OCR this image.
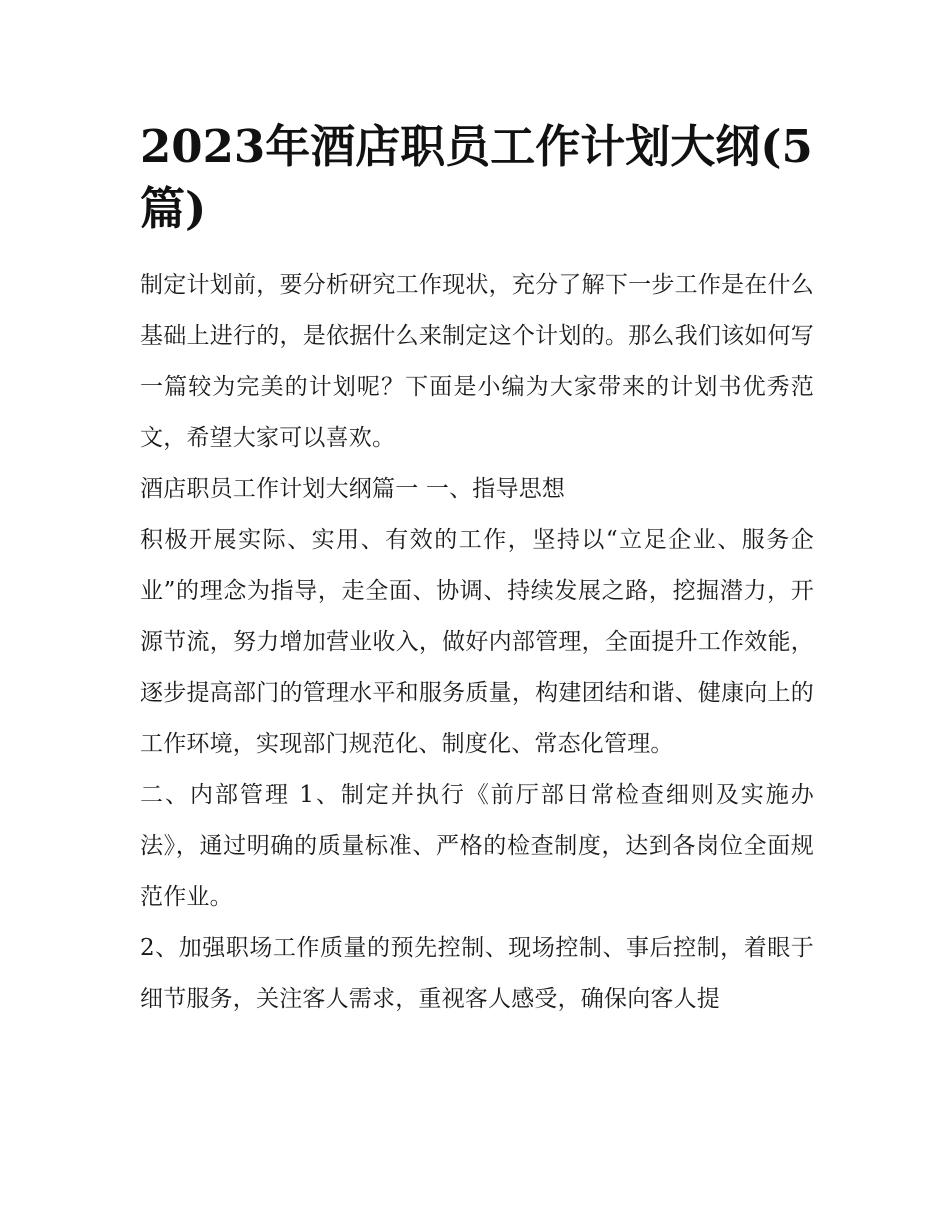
2023年酒店职员工作计划大纲(5篇)

制定计划前，要分析研究工作现状，充分了解下一步工作是在什么基础上进行的，是依据什么来制定这个计划的。那么我们该如何写一篇较为完美的计划呢？下面是小编为大家带来的计划书优秀范文，希望大家可以喜欢。

酒店职员工作计划大纲篇一 一、指导思想

积极开展实际、实用、有效的工作，坚持以“立足企业、服务企业”的理念为指导，走全面、协调、持续发展之路，挖掘潜力，开源节流，努力增加营业收入，做好内部管理，全面提升工作效能，逐步提高部门的管理水平和服务质量，构建团结和谐、健康向上的工作环境，实现部门规范化、制度化、常态化管理。

二、内部管理 1、制定并执行《前厅部日常检查细则及实施办法》，通过明确的质量标准、严格的检查制度，达到各岗位全面规范作业。

2、加强职场工作质量的预先控制、现场控制、事后控制，着眼于细节服务，关注客人需求，重视客人感受，确保向客人提
